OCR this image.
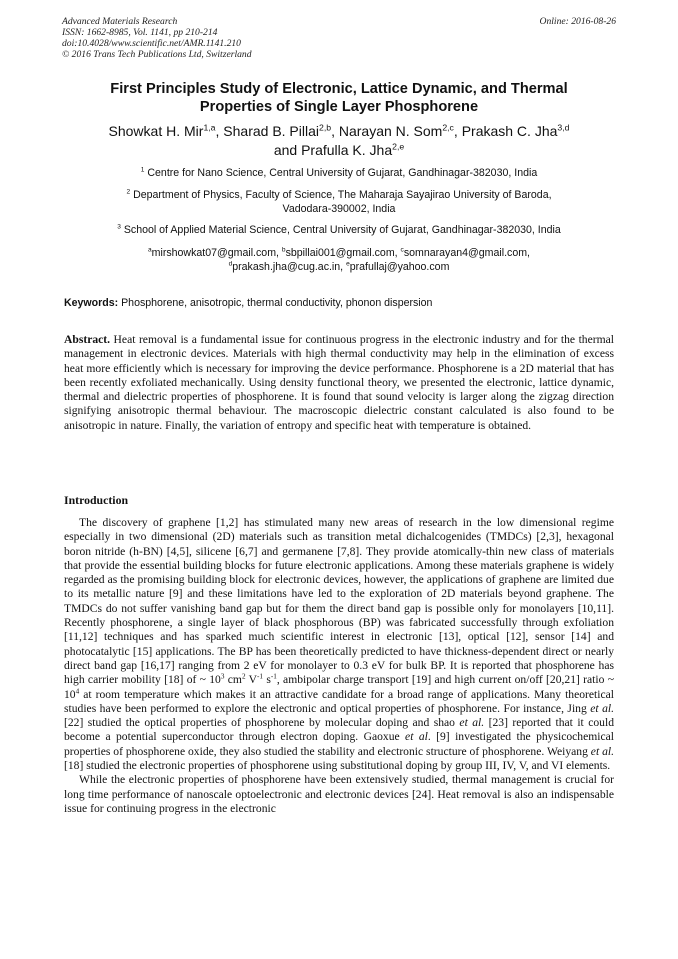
Advanced Materials Research
ISSN: 1662-8985, Vol. 1141, pp 210-214
doi:10.4028/www.scientific.net/AMR.1141.210
© 2016 Trans Tech Publications Ltd, Switzerland
Online: 2016-08-26
First Principles Study of Electronic, Lattice Dynamic, and Thermal
Properties of Single Layer Phosphorene
Showkat H. Mir$^{1,a}$, Sharad B. Pillai$^{2,b}$, Narayan N. Som$^{2,c}$, Prakash C. Jha$^{3,d}$
and Prafulla K. Jha$^{2,e}$
$^1$ Centre for Nano Science, Central University of Gujarat, Gandhinagar-382030, India
$^2$ Department of Physics, Faculty of Science, The Maharaja Sayajirao University of Baroda,
Vadodara-390002, India
$^3$ School of Applied Material Science, Central University of Gujarat, Gandhinagar-382030, India
$^a$mirshowkat07@gmail.com, $^b$sbpillai001@gmail.com, $^c$somnarayan4@gmail.com,
$^d$prakash.jha@cug.ac.in, $^e$prafullaj@yahoo.com
Keywords: Phosphorene, anisotropic, thermal conductivity, phonon dispersion
Abstract. Heat removal is a fundamental issue for continuous progress in the electronic industry and for the thermal management in electronic devices. Materials with high thermal conductivity may help in the elimination of excess heat more efficiently which is necessary for improving the device performance. Phosphorene is a 2D material that has been recently exfoliated mechanically. Using density functional theory, we presented the electronic, lattice dynamic, thermal and dielectric properties of phosphorene. It is found that sound velocity is larger along the zigzag direction signifying anisotropic thermal behaviour. The macroscopic dielectric constant calculated is also found to be anisotropic in nature. Finally, the variation of entropy and specific heat with temperature is obtained.
Introduction

The discovery of graphene [1,2] has stimulated many new areas of research in the low dimensional regime especially in two dimensional (2D) materials such as transition metal dichalcogenides (TMDCs) [2,3], hexagonal boron nitride (h-BN) [4,5], silicene [6,7] and germanene [7,8]. They provide atomically-thin new class of materials that provide the essential building blocks for future electronic applications. Among these materials graphene is widely regarded as the promising building block for electronic devices, however, the applications of graphene are limited due to its metallic nature [9] and these limitations have led to the exploration of 2D materials beyond graphene. The TMDCs do not suffer vanishing band gap but for them the direct band gap is possible only for monolayers [10,11]. Recently phosphorene, a single layer of black phosphorous (BP) was fabricated successfully through exfoliation [11,12] techniques and has sparked much scientific interest in electronic [13], optical [12], sensor [14] and photocatalytic [15] applications. The BP has been theoretically predicted to have thickness-dependent direct or nearly direct band gap [16,17] ranging from 2 eV for monolayer to 0.3 eV for bulk BP. It is reported that phosphorene has high carrier mobility [18] of ~ $10^3$ $cm^2$ $V^{-1}$ $s^{-1}$, ambipolar charge transport [19] and high current on/off [20,21] ratio ~ $10^4$ at room temperature which makes it an attractive candidate for a broad range of applications. Many theoretical studies have been performed to explore the electronic and optical properties of phosphorene. For instance, Jing et al. [22] studied the optical properties of phosphorene by molecular doping and shao et al. [23] reported that it could become a potential superconductor through electron doping. Gaoxue et al. [9] investigated the physicochemical properties of phosphorene oxide, they also studied the stability and electronic structure of phosphorene. Weiyang et al. [18] studied the electronic properties of phosphorene using substitutional doping by group III, IV, V, and VI elements.

While the electronic properties of phosphorene have been extensively studied, thermal management is crucial for long time performance of nanoscale optoelectronic and electronic devices [24]. Heat removal is also an indispensable issue for continuing progress in the electronic
